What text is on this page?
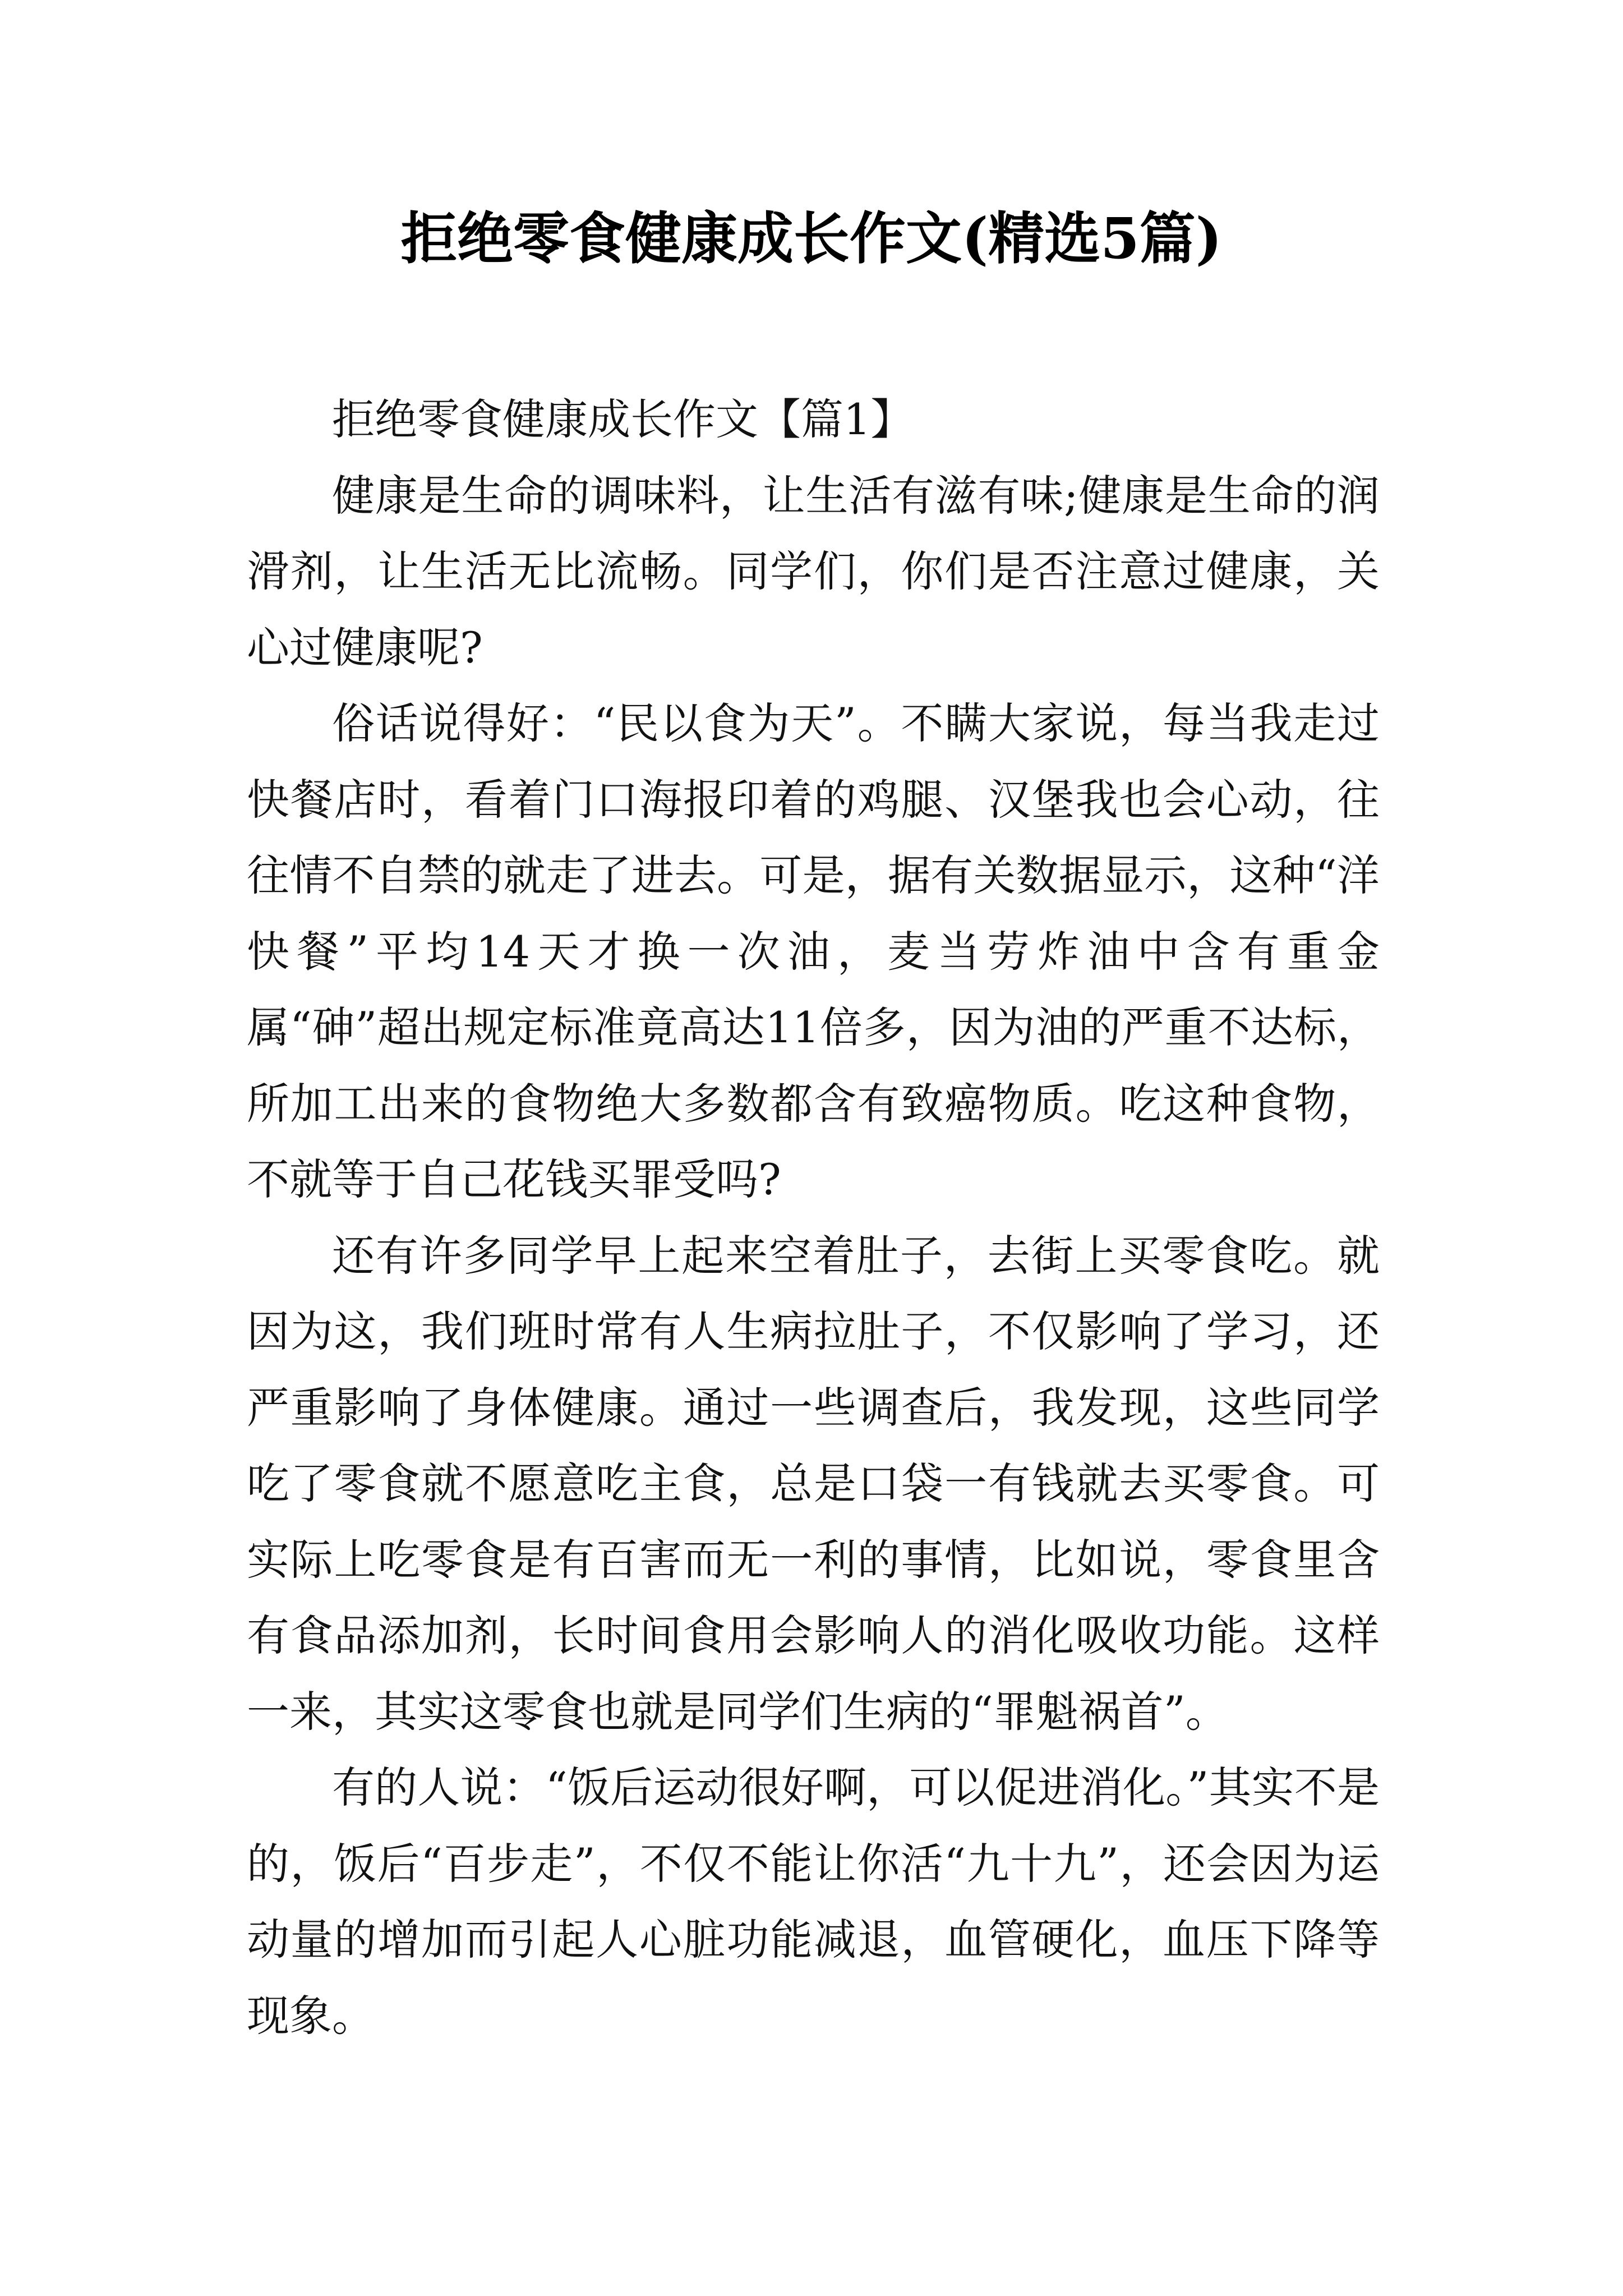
拒绝零食健康成长作文(精选5篇)

拒绝零食健康成长作文【篇1】

健康是生命的调味料，让生活有滋有味;健康是生命的润滑剂，让生活无比流畅。同学们，你们是否注意过健康，关心过健康呢?

俗话说得好：“民以食为天”。不瞒大家说，每当我走过快餐店时，看着门口海报印着的鸡腿、汉堡我也会心动，往往情不自禁的就走了进去。可是，据有关数据显示，这种“洋快餐”平均14天才换一次油，麦当劳炸油中含有重金属“砷”超出规定标准竟高达11倍多，因为油的严重不达标，所加工出来的食物绝大多数都含有致癌物质。吃这种食物，不就等于自己花钱买罪受吗?

还有许多同学早上起来空着肚子，去街上买零食吃。就因为这，我们班时常有人生病拉肚子，不仅影响了学习，还严重影响了身体健康。通过一些调查后，我发现，这些同学吃了零食就不愿意吃主食，总是口袋一有钱就去买零食。可实际上吃零食是有百害而无一利的事情，比如说，零食里含有食品添加剂，长时间食用会影响人的消化吸收功能。这样一来，其实这零食也就是同学们生病的“罪魁祸首”。

有的人说：“饭后运动很好啊，可以促进消化。”其实不是的，饭后“百步走”，不仅不能让你活“九十九”，还会因为运动量的增加而引起人心脏功能减退，血管硬化，血压下降等现象。
